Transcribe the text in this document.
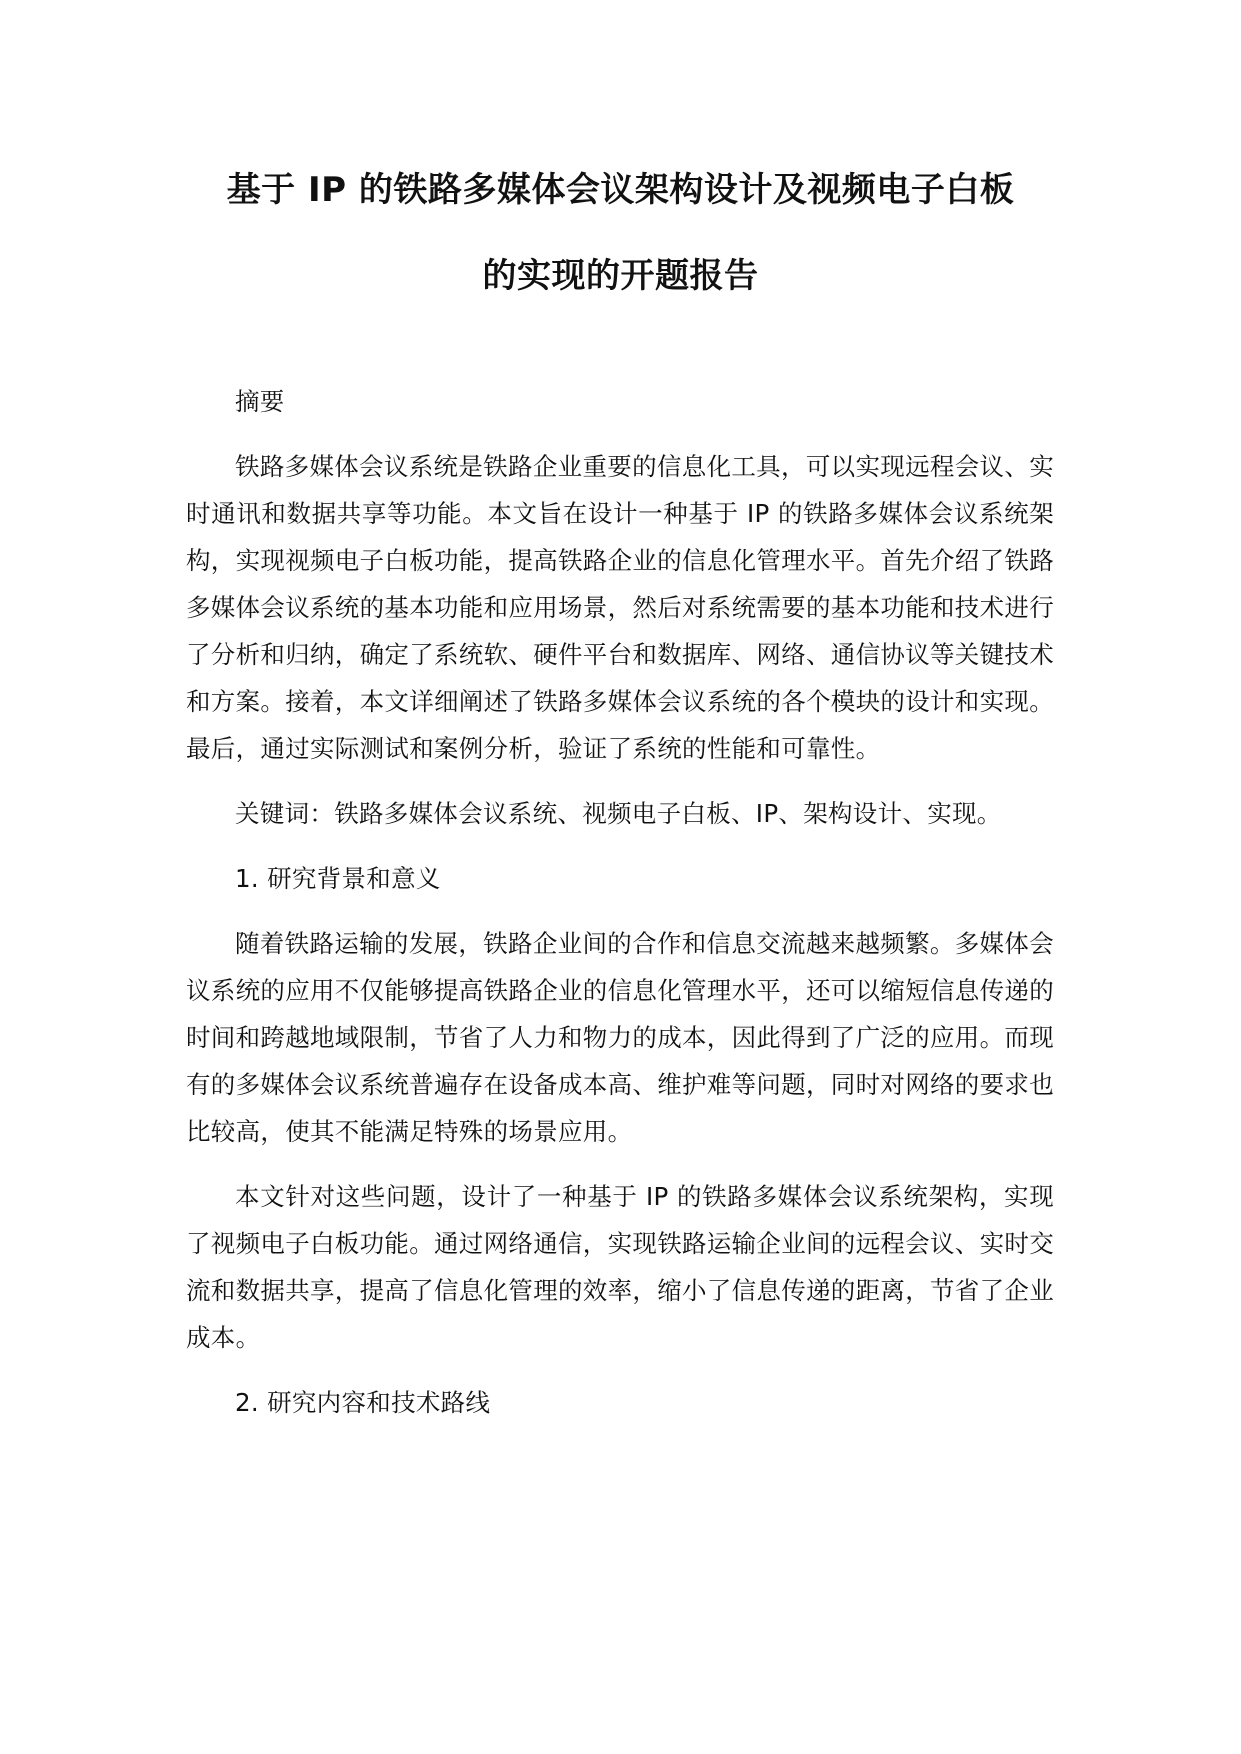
基于 IP 的铁路多媒体会议架构设计及视频电子白板
的实现的开题报告

摘要

铁路多媒体会议系统是铁路企业重要的信息化工具，可以实现远程会议、实时通讯和数据共享等功能。本文旨在设计一种基于 IP 的铁路多媒体会议系统架构，实现视频电子白板功能，提高铁路企业的信息化管理水平。首先介绍了铁路多媒体会议系统的基本功能和应用场景，然后对系统需要的基本功能和技术进行了分析和归纳，确定了系统软、硬件平台和数据库、网络、通信协议等关键技术和方案。接着，本文详细阐述了铁路多媒体会议系统的各个模块的设计和实现。最后，通过实际测试和案例分析，验证了系统的性能和可靠性。

关键词：铁路多媒体会议系统、视频电子白板、IP、架构设计、实现。

1. 研究背景和意义

随着铁路运输的发展，铁路企业间的合作和信息交流越来越频繁。多媒体会议系统的应用不仅能够提高铁路企业的信息化管理水平，还可以缩短信息传递的时间和跨越地域限制，节省了人力和物力的成本，因此得到了广泛的应用。而现有的多媒体会议系统普遍存在设备成本高、维护难等问题，同时对网络的要求也比较高，使其不能满足特殊的场景应用。

本文针对这些问题，设计了一种基于 IP 的铁路多媒体会议系统架构，实现了视频电子白板功能。通过网络通信，实现铁路运输企业间的远程会议、实时交流和数据共享，提高了信息化管理的效率，缩小了信息传递的距离，节省了企业成本。

2. 研究内容和技术路线
